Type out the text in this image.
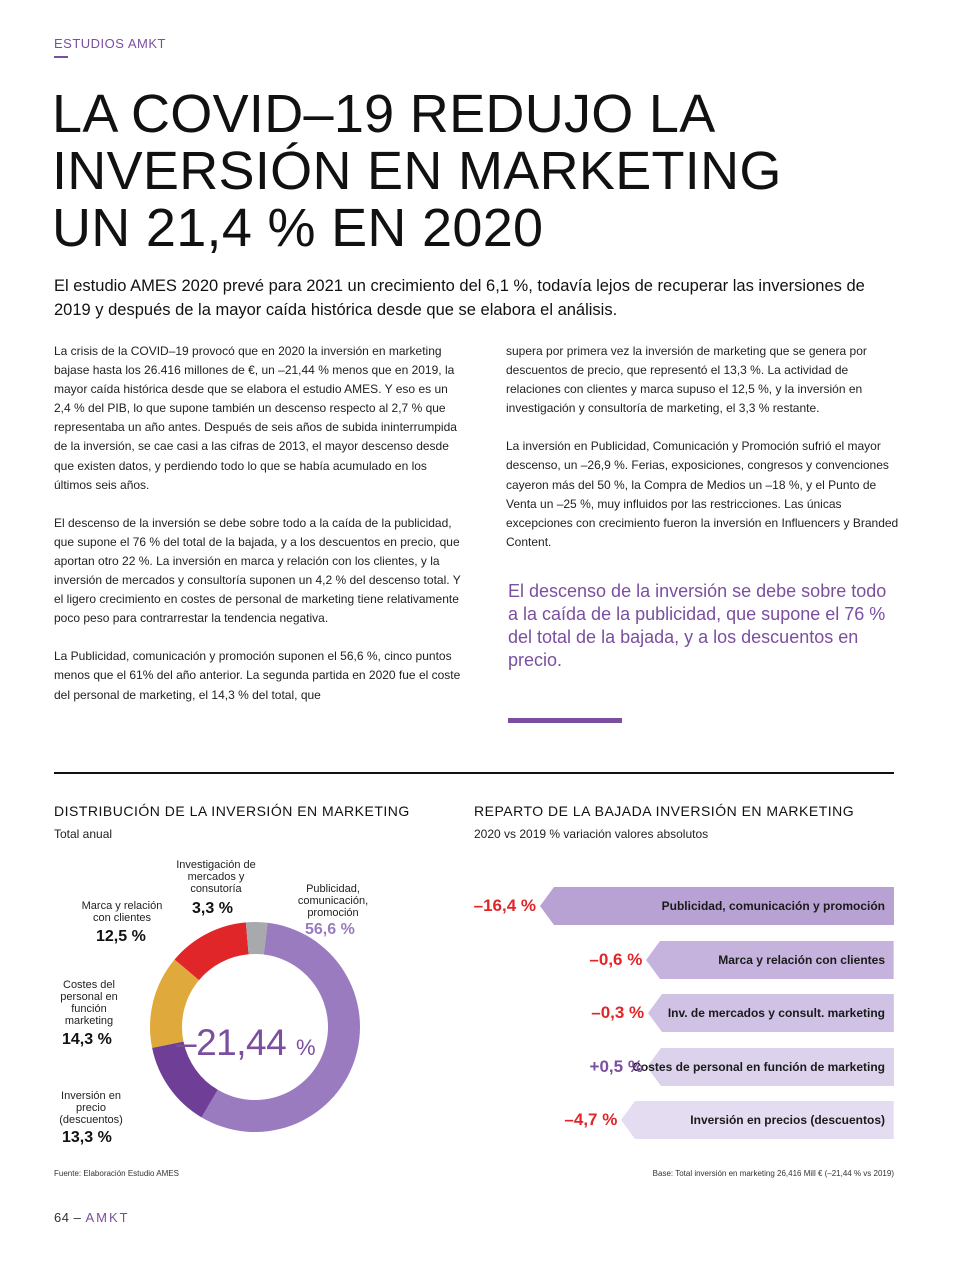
ESTUDIOS AMKT
LA COVID–19 REDUJO LA
INVERSIÓN EN MARKETING
UN 21,4 % EN 2020

El estudio AMES 2020 prevé para 2021 un crecimiento del 6,1 %, todavía lejos de recuperar las inversiones de 2019 y después de la mayor caída histórica desde que se elabora el análisis.

La crisis de la COVID–19 provocó que en 2020 la inversión en marketing bajase hasta los 26.416 millones de €, un –21,44 % menos que en 2019, la mayor caída histórica desde que se elabora el estudio AMES. Y eso es un 2,4 % del PIB, lo que supone también un descenso respecto al 2,7 % que representaba un año antes. Después de seis años de subida ininterrumpida de la inversión, se cae casi a las cifras de 2013, el mayor descenso desde que existen datos, y perdiendo todo lo que se había acumulado en los últimos seis años.

El descenso de la inversión se debe sobre todo a la caída de la publicidad, que supone el 76 % del total de la bajada, y a los descuentos en precio, que aportan otro 22 %. La inversión en marca y relación con los clientes, y la inversión de mercados y consultoría suponen un 4,2 % del descenso total. Y el ligero crecimiento en costes de personal de marketing tiene relativamente poco peso para contrarrestar la tendencia negativa.

La Publicidad, comunicación y promoción suponen el 56,6 %, cinco puntos menos que el 61% del año anterior. La segunda partida en 2020 fue el coste del personal de marketing, el 14,3 % del total, que

supera por primera vez la inversión de marketing que se genera por descuentos de precio, que representó el 13,3 %. La actividad de relaciones con clientes y marca supuso el 12,5 %, y la inversión en investigación y consultoría de marketing, el 3,3 % restante.

La inversión en Publicidad, Comunicación y Promoción sufrió el mayor descenso, un –26,9 %. Ferias, exposiciones, congresos y convenciones cayeron más del 50 %, la Compra de Medios un –18 %, y el Punto de Venta un –25 %, muy influidos por las restricciones. Las únicas excepciones con crecimiento fueron la inversión en Influencers y Branded Content.

El descenso de la inversión se debe sobre todo a la caída de la publicidad, que supone el 76 % del total de la bajada, y a los descuentos en precio.
DISTRIBUCIÓN DE LA INVERSIÓN EN MARKETING
Total anual
Investigación de mercados y consutoría
3,3 %
Publicidad, comunicación, promoción
56,6 %
Marca y relación con clientes
12,5 %
Costes del personal en función marketing
14,3 %
Inversión en precio (descuentos)
13,3 %
–21,44 %
Fuente: Elaboración Estudio AMES
REPARTO DE LA BAJADA INVERSIÓN EN MARKETING
2020 vs 2019 % variación valores absolutos
Publicidad, comunicación y promoción
–16,4 %
Marca y relación con clientes
–0,6 %
Inv. de mercados y consult. marketing
–0,3 %
Costes de personal en función de marketing
+0,5 %
Inversión en precios (descuentos)
–4,7 %
Base: Total inversión en marketing 26,416 Mill € (–21,44 % vs 2019)
64 – AMKT
